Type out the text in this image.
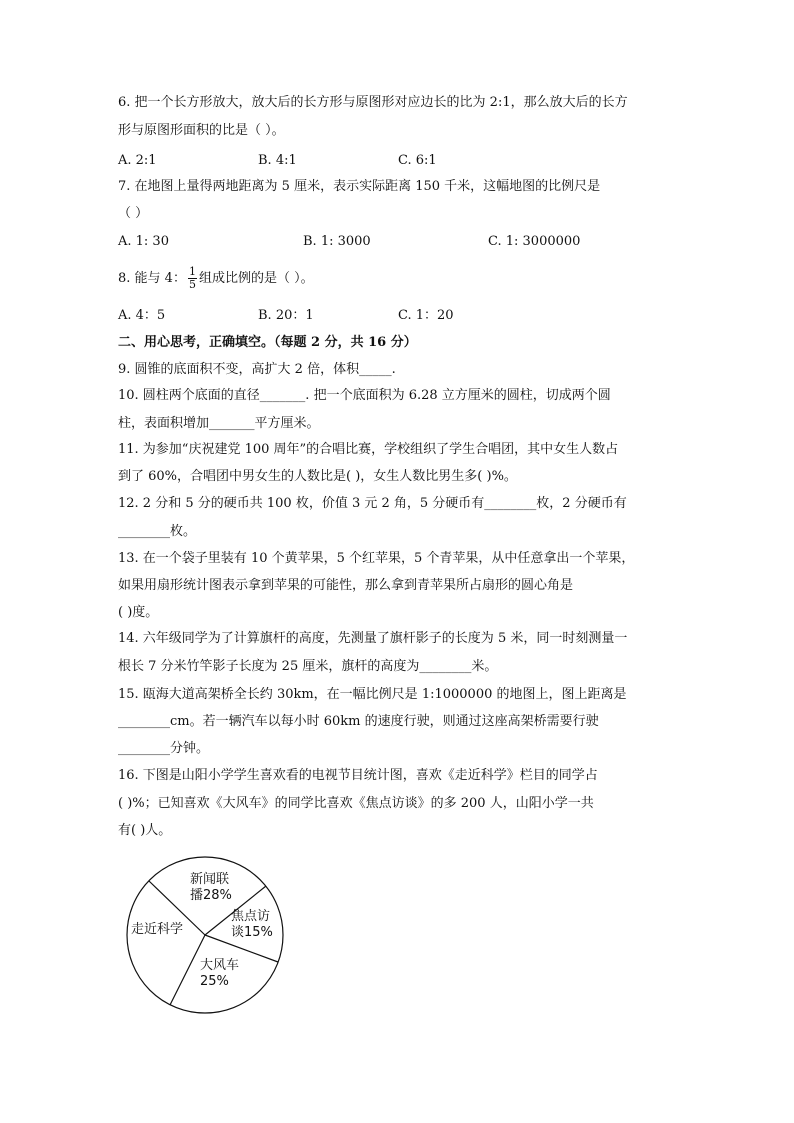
6. 把一个长方形放大，放大后的长方形与原图形对应边长的比为 2:1，那么放大后的长方
形与原图形面积的比是（ ）。
A. 2:1	B. 4:1	C. 6:1
7. 在地图上量得两地距离为 5 厘米，表示实际距离 150 千米，这幅地图的比例尺是
（ ）
A. 1: 30	B. 1: 3000	C. 1: 3000000
8. 能与 4： $\frac{1}{5}$ 组成比例的是（ ）。
A. 4：5	B. 20：1	C. 1：20
二、用心思考，正确填空。（每题 2 分，共 16 分）
9. 圆锥的底面积不变，高扩大 2 倍，体积_____.
10. 圆柱两个底面的直径_______. 把一个底面积为 6.28 立方厘米的圆柱，切成两个圆
柱，表面积增加_______平方厘米。
11. 为参加“庆祝建党 100 周年”的合唱比赛，学校组织了学生合唱团，其中女生人数占
到了 60%，合唱团中男女生的人数比是( )，女生人数比男生多( )%。
12. 2 分和 5 分的硬币共 100 枚，价值 3 元 2 角，5 分硬币有________枚，2 分硬币有
________枚。
13. 在一个袋子里装有 10 个黄苹果，5 个红苹果，5 个青苹果，从中任意拿出一个苹果，
如果用扇形统计图表示拿到苹果的可能性，那么拿到青苹果所占扇形的圆心角是
( )度。
14. 六年级同学为了计算旗杆的高度，先测量了旗杆影子的长度为 5 米，同一时刻测量一
根长 7 分米竹竿影子长度为 25 厘米，旗杆的高度为________米。
15. 瓯海大道高架桥全长约 30km，在一幅比例尺是 1:1000000 的地图上，图上距离是
________cm。若一辆汽车以每小时 60km 的速度行驶，则通过这座高架桥需要行驶
________分钟。
16. 下图是山阳小学学生喜欢看的电视节目统计图，喜欢《走近科学》栏目的同学占
( )%；已知喜欢《大风车》的同学比喜欢《焦点访谈》的多 200 人，山阳小学一共
有( )人。
新闻联
播28%
焦点访
谈15%
大风车
25%
走近科学
